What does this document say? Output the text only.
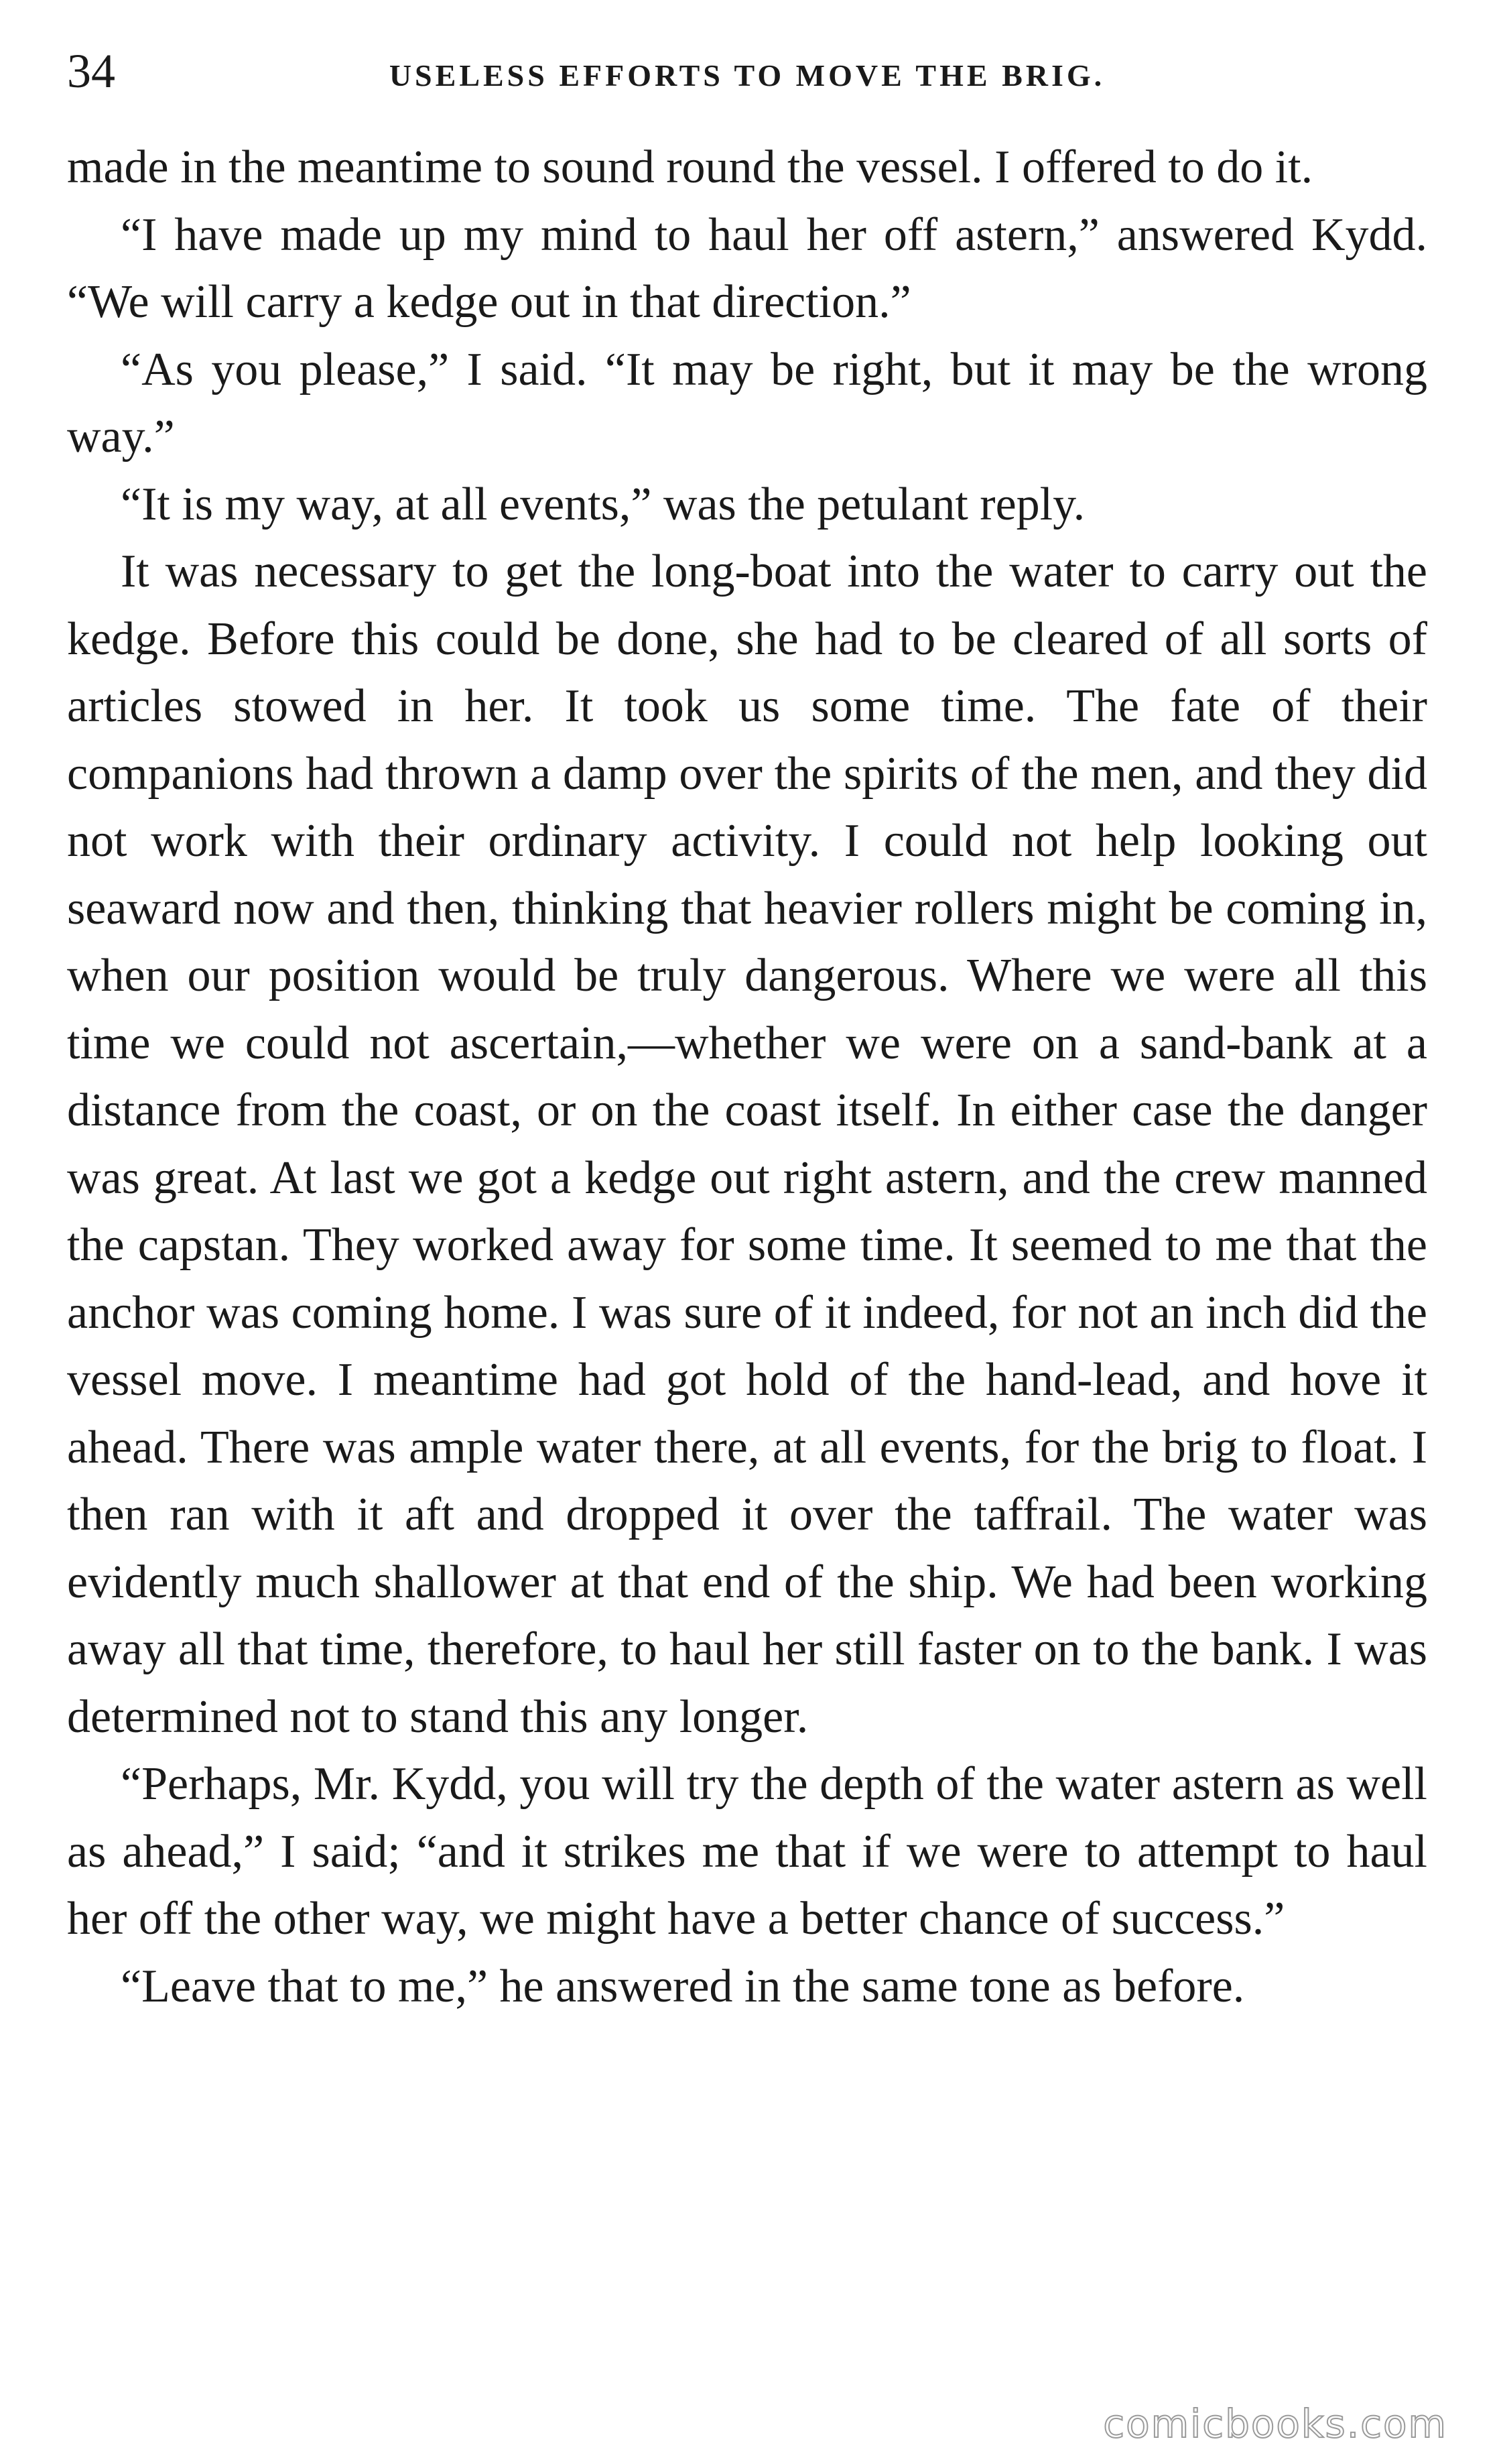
34	USELESS EFFORTS TO MOVE THE BRIG.

made in the meantime to sound round the vessel. I offered to do it.

“I have made up my mind to haul her off astern,” answered Kydd. “We will carry a kedge out in that direction.”

“As you please,” I said. “It may be right, but it may be the wrong way.”

“It is my way, at all events,” was the petulant reply.

It was necessary to get the long-boat into the water to carry out the kedge. Before this could be done, she had to be cleared of all sorts of articles stowed in her. It took us some time. The fate of their companions had thrown a damp over the spirits of the men, and they did not work with their ordinary activity. I could not help looking out seaward now and then, thinking that heavier rollers might be coming in, when our position would be truly dangerous. Where we were all this time we could not ascertain,—whether we were on a sand-bank at a distance from the coast, or on the coast itself. In either case the danger was great. At last we got a kedge out right astern, and the crew manned the capstan. They worked away for some time. It seemed to me that the anchor was coming home. I was sure of it indeed, for not an inch did the vessel move. I meantime had got hold of the hand-lead, and hove it ahead. There was ample water there, at all events, for the brig to float. I then ran with it aft and dropped it over the taffrail. The water was evidently much shallower at that end of the ship. We had been working away all that time, therefore, to haul her still faster on to the bank. I was determined not to stand this any longer.

“Perhaps, Mr. Kydd, you will try the depth of the water astern as well as ahead,” I said; “and it strikes me that if we were to attempt to haul her off the other way, we might have a better chance of success.”

“Leave that to me,” he answered in the same tone as before.

comicbooks.com
